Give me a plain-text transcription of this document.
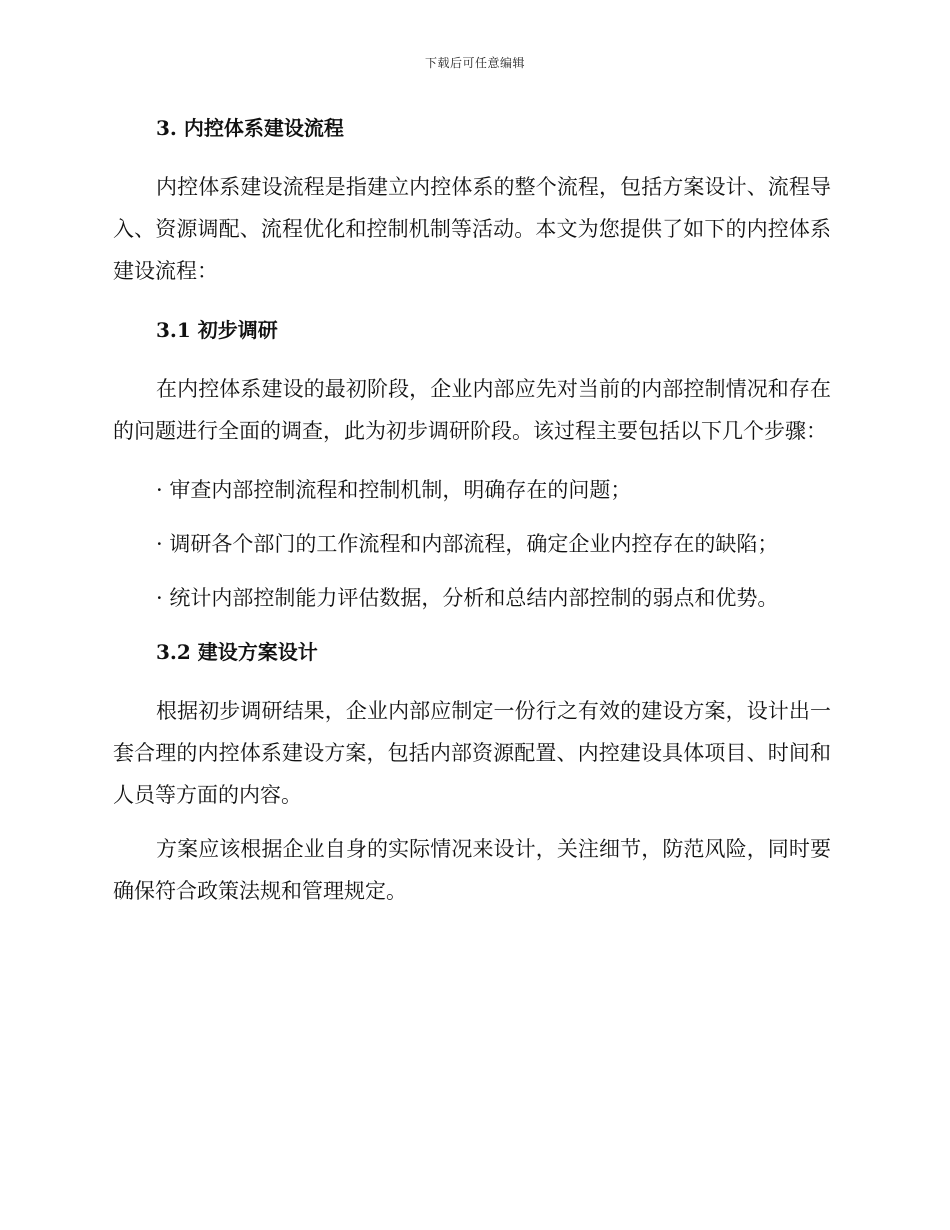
下载后可任意编辑

3. 内控体系建设流程

内控体系建设流程是指建立内控体系的整个流程，包括方案设计、流程导入、资源调配、流程优化和控制机制等活动。本文为您提供了如下的内控体系建设流程：

3.1 初步调研

在内控体系建设的最初阶段，企业内部应先对当前的内部控制情况和存在的问题进行全面的调查，此为初步调研阶段。该过程主要包括以下几个步骤：

· 审查内部控制流程和控制机制，明确存在的问题；

· 调研各个部门的工作流程和内部流程，确定企业内控存在的缺陷；

· 统计内部控制能力评估数据，分析和总结内部控制的弱点和优势。

3.2 建设方案设计

根据初步调研结果，企业内部应制定一份行之有效的建设方案，设计出一套合理的内控体系建设方案，包括内部资源配置、内控建设具体项目、时间和人员等方面的内容。

方案应该根据企业自身的实际情况来设计，关注细节，防范风险，同时要确保符合政策法规和管理规定。
